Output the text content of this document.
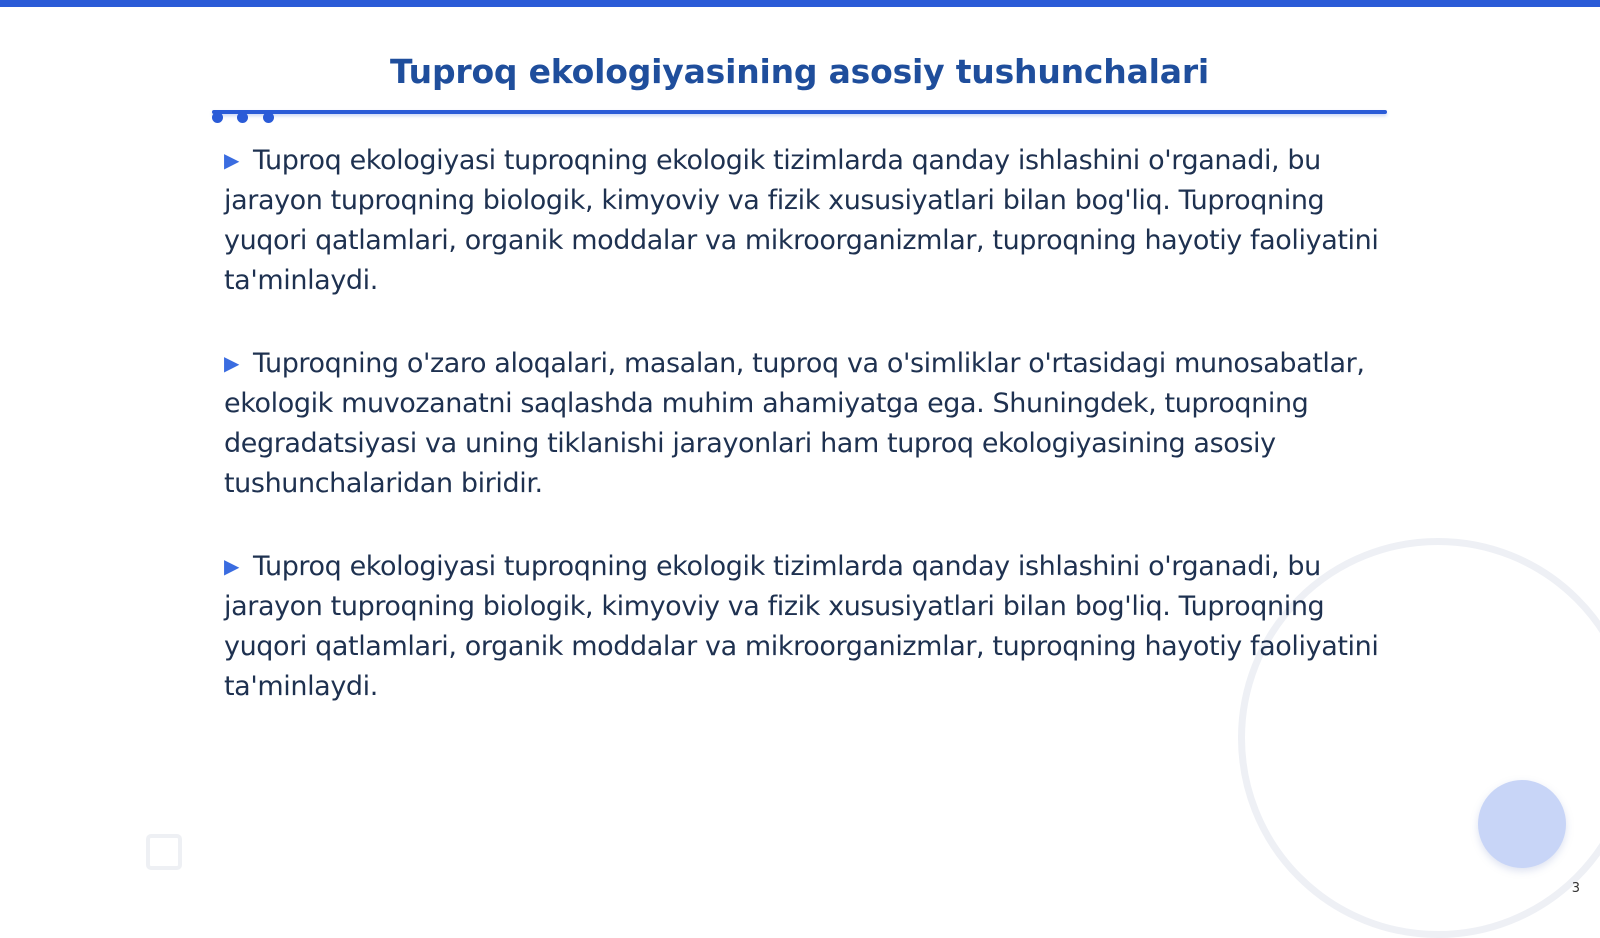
Tuproq ekologiyasining asosiy tushunchalari
▶ Tuproq ekologiyasi tuproqning ekologik tizimlarda qanday ishlashini o'rganadi, bu jarayon tuproqning biologik, kimyoviy va fizik xususiyatlari bilan bog'liq. Tuproqning yuqori qatlamlari, organik moddalar va mikroorganizmlar, tuproqning hayotiy faoliyatini ta'minlaydi.
▶ Tuproqning o'zaro aloqalari, masalan, tuproq va o'simliklar o'rtasidagi munosabatlar, ekologik muvozanatni saqlashda muhim ahamiyatga ega. Shuningdek, tuproqning degradatsiyasi va uning tiklanishi jarayonlari ham tuproq ekologiyasining asosiy tushunchalaridan biridir.
▶ Tuproq ekologiyasi tuproqning ekologik tizimlarda qanday ishlashini o'rganadi, bu jarayon tuproqning biologik, kimyoviy va fizik xususiyatlari bilan bog'liq. Tuproqning yuqori qatlamlari, organik moddalar va mikroorganizmlar, tuproqning hayotiy faoliyatini ta'minlaydi.
3
